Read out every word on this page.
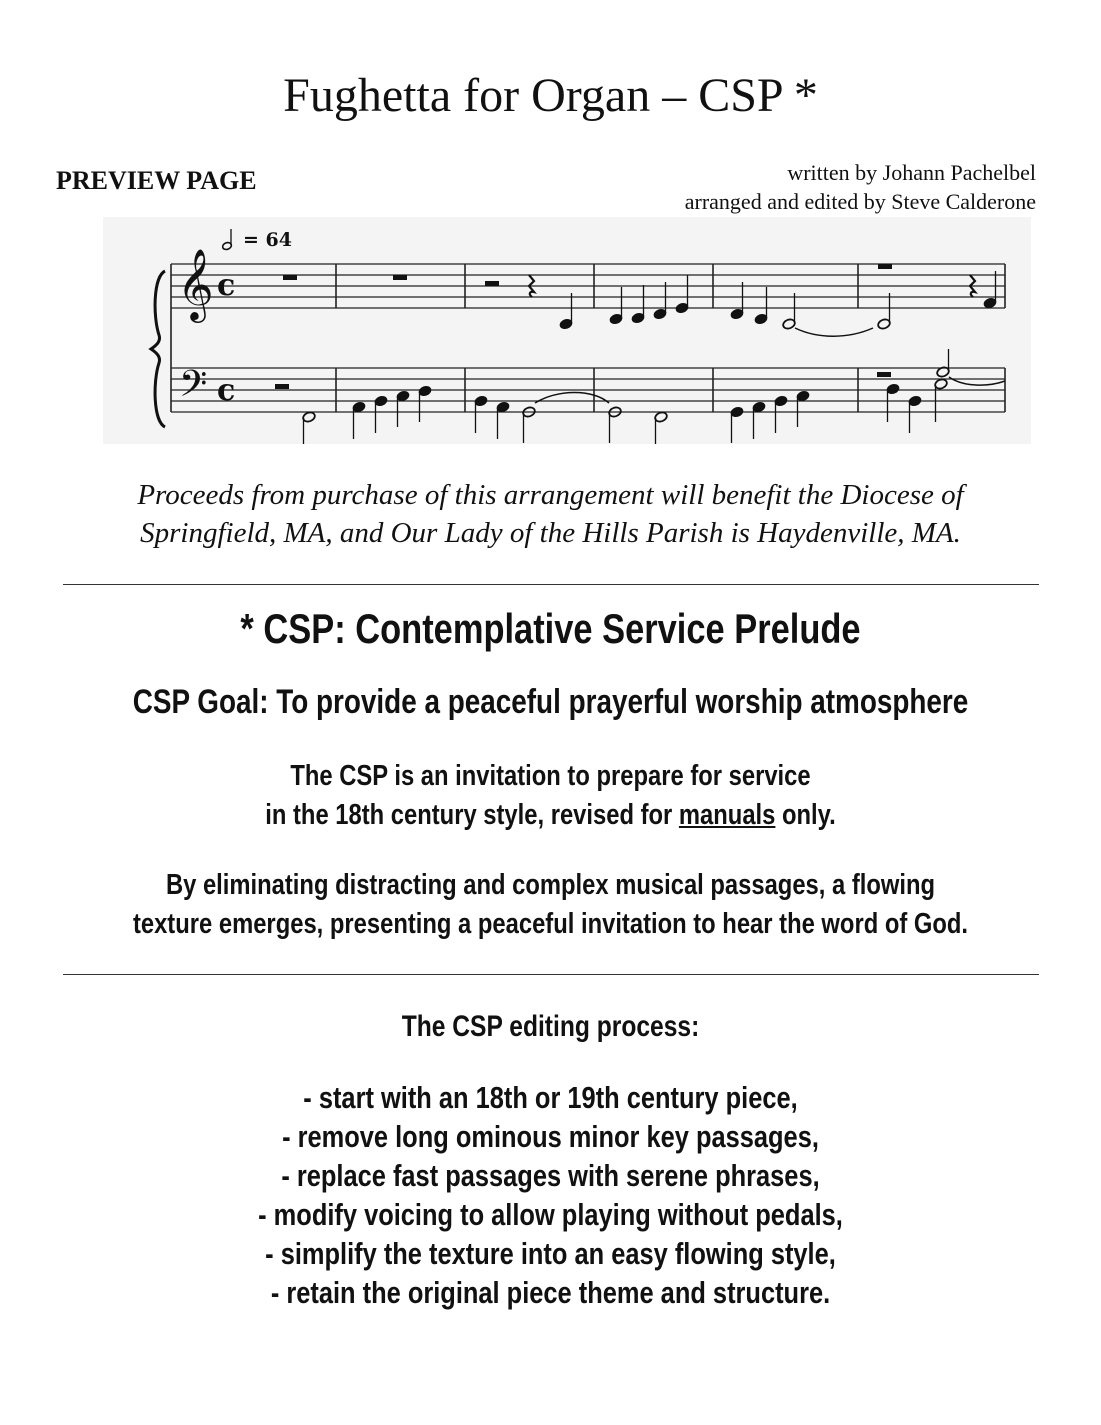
Fughetta for Organ – CSP *
PREVIEW PAGE	written by Johann Pachelbel
arranged and edited by Steve Calderone
= 64
𝄞
𝄢
c
c
Proceeds from purchase of this arrangement will benefit the Diocese of
Springfield, MA, and Our Lady of the Hills Parish is Haydenville, MA.
* CSP: Contemplative Service Prelude
CSP Goal: To provide a peaceful prayerful worship atmosphere
The CSP is an invitation to prepare for service
in the 18th century style, revised for manuals only.
By eliminating distracting and complex musical passages, a flowing
texture emerges, presenting a peaceful invitation to hear the word of God.
The CSP editing process:
- start with an 18th or 19th century piece,
- remove long ominous minor key passages,
- replace fast passages with serene phrases,
- modify voicing to allow playing without pedals,
- simplify the texture into an easy flowing style,
- retain the original piece theme and structure.
